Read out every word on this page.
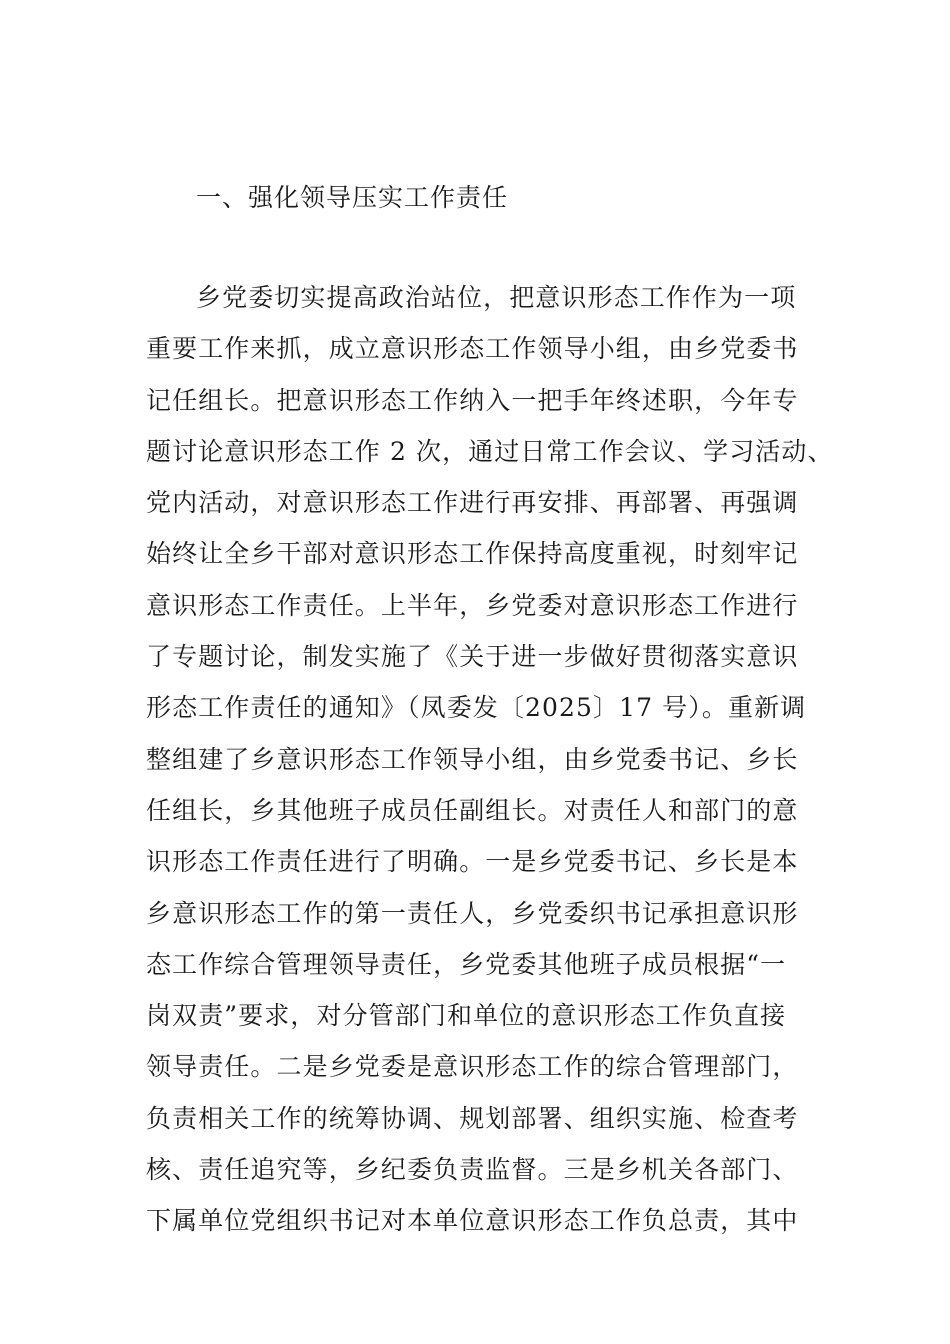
一、强化领导压实工作责任
乡党委切实提高政治站位，把意识形态工作作为一项
重要工作来抓，成立意识形态工作领导小组，由乡党委书
记任组长。把意识形态工作纳入一把手年终述职，今年专
题讨论意识形态工作 2 次，通过日常工作会议、学习活动、
党内活动，对意识形态工作进行再安排、再部署、再强调
始终让全乡干部对意识形态工作保持高度重视，时刻牢记
意识形态工作责任。上半年，乡党委对意识形态工作进行
了专题讨论，制发实施了《关于进一步做好贯彻落实意识
形态工作责任的通知》（凤委发〔2025〕17 号）。重新调
整组建了乡意识形态工作领导小组，由乡党委书记、乡长
任组长，乡其他班子成员任副组长。对责任人和部门的意
识形态工作责任进行了明确。一是乡党委书记、乡长是本
乡意识形态工作的第一责任人，乡党委织书记承担意识形
态工作综合管理领导责任，乡党委其他班子成员根据“一
岗双责”要求，对分管部门和单位的意识形态工作负直接
领导责任。二是乡党委是意识形态工作的综合管理部门，
负责相关工作的统筹协调、规划部署、组织实施、检查考
核、责任追究等，乡纪委负责监督。三是乡机关各部门、
下属单位党组织书记对本单位意识形态工作负总责，其中
